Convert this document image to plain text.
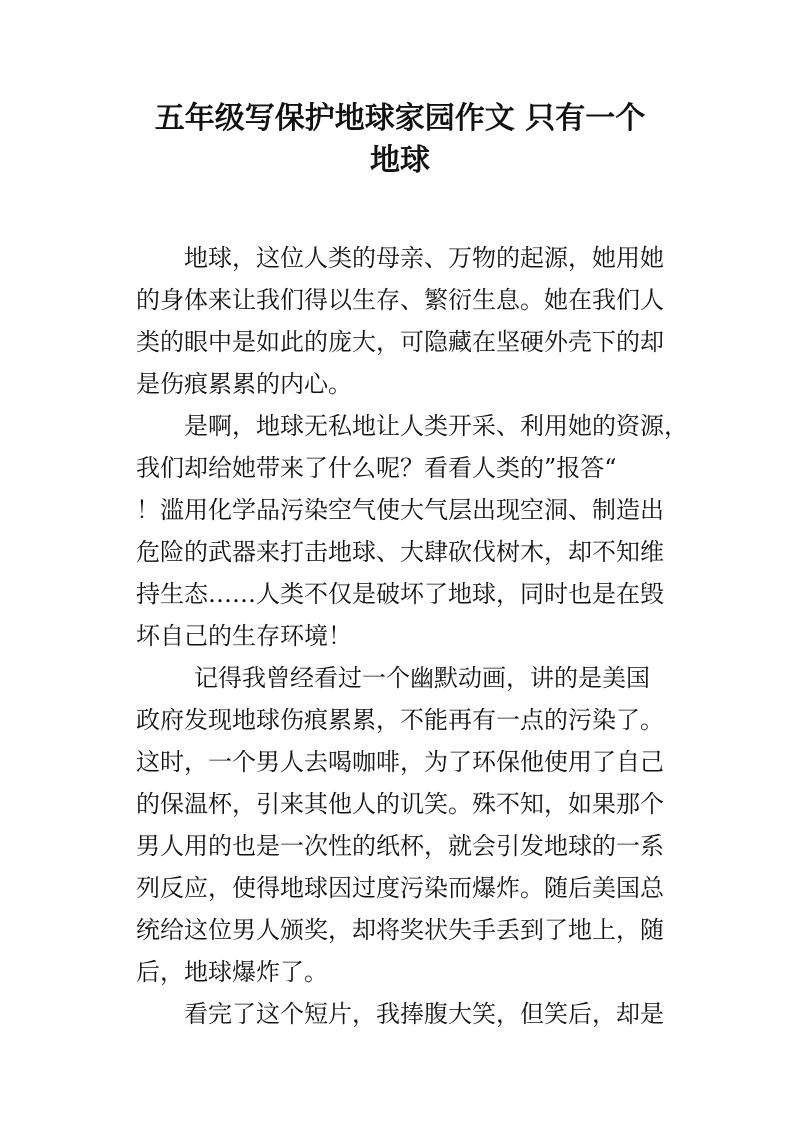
五年级写保护地球家园作文 只有一个
地球
地球，这位人类的母亲、万物的起源，她用她
的身体来让我们得以生存、繁衍生息。她在我们人
类的眼中是如此的庞大，可隐藏在坚硬外壳下的却
是伤痕累累的内心。
是啊，地球无私地让人类开采、利用她的资源，
我们却给她带来了什么呢？看看人类的”报答“
！滥用化学品污染空气使大气层出现空洞、制造出
危险的武器来打击地球、大肆砍伐树木，却不知维
持生态……人类不仅是破坏了地球，同时也是在毁
坏自己的生存环境！
记得我曾经看过一个幽默动画，讲的是美国
政府发现地球伤痕累累，不能再有一点的污染了。
这时，一个男人去喝咖啡，为了环保他使用了自己
的保温杯，引来其他人的讥笑。殊不知，如果那个
男人用的也是一次性的纸杯，就会引发地球的一系
列反应，使得地球因过度污染而爆炸。随后美国总
统给这位男人颁奖，却将奖状失手丢到了地上，随
后，地球爆炸了。
看完了这个短片，我捧腹大笑，但笑后，却是
